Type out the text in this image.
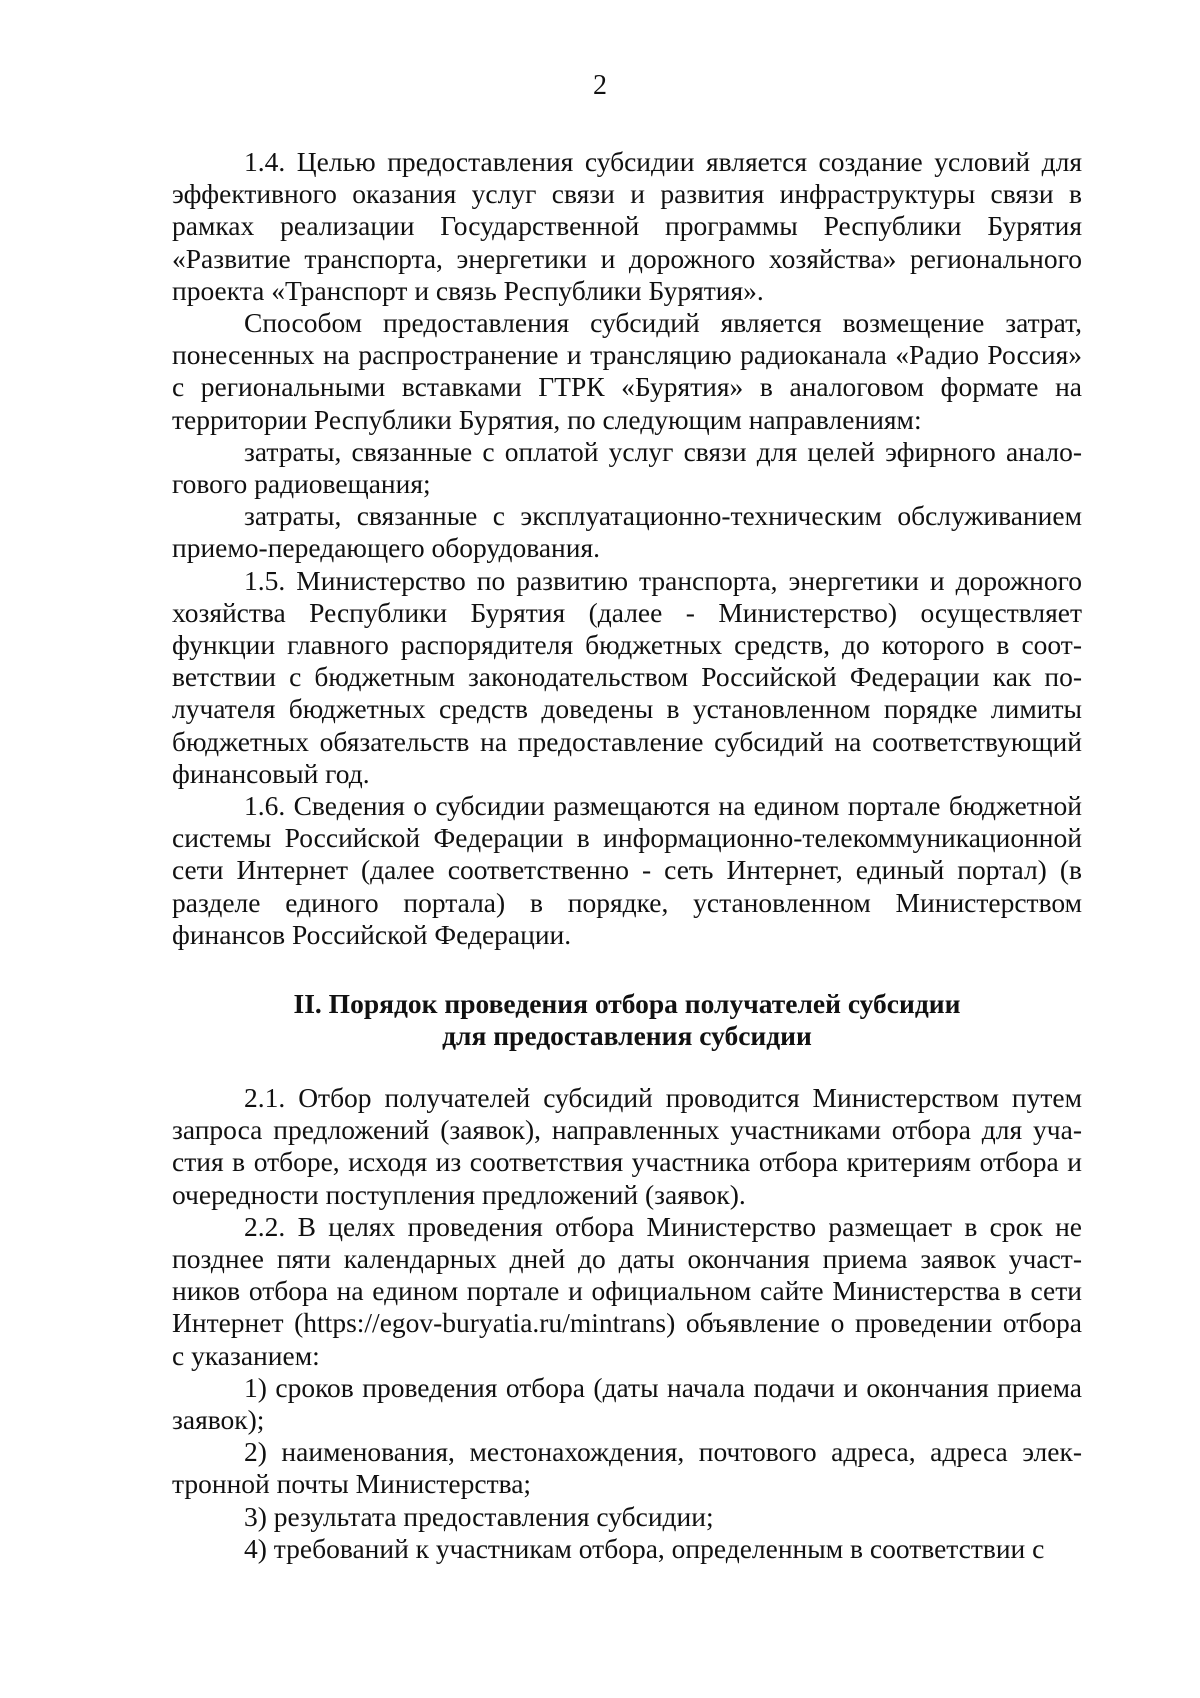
2

1.4. Целью предоставления субсидии является создание условий для эффективного оказания услуг связи и развития инфраструктуры связи в рамках реализации Государственной программы Республики Бурятия «Развитие транспорта, энергетики и дорожного хозяйства» регионального проекта «Транспорт и связь Республики Бурятия».

Способом предоставления субсидий является возмещение затрат, понесенных на распространение и трансляцию радиоканала «Радио Россия» с региональными вставками ГТРК «Бурятия» в аналоговом формате на территории Республики Бурятия, по следующим направлениям:

затраты, связанные с оплатой услуг связи для целей эфирного аналогового радиовещания;

затраты, связанные с эксплуатационно-техническим обслуживанием приемо-передающего оборудования.

1.5. Министерство по развитию транспорта, энергетики и дорожного хозяйства Республики Бурятия (далее - Министерство) осуществляет функции главного распорядителя бюджетных средств, до которого в соответствии с бюджетным законодательством Российской Федерации как получателя бюджетных средств доведены в установленном порядке лимиты бюджетных обязательств на предоставление субсидий на соответствующий финансовый год.

1.6. Сведения о субсидии размещаются на едином портале бюджетной системы Российской Федерации в информационно-телекоммуникационной сети Интернет (далее соответственно - сеть Интернет, единый портал) (в разделе единого портала) в порядке, установленном Министерством финансов Российской Федерации.

II. Порядок проведения отбора получателей субсидии
для предоставления субсидии

2.1. Отбор получателей субсидий проводится Министерством путем запроса предложений (заявок), направленных участниками отбора для участия в отборе, исходя из соответствия участника отбора критериям отбора и очередности поступления предложений (заявок).

2.2. В целях проведения отбора Министерство размещает в срок не позднее пяти календарных дней до даты окончания приема заявок участников отбора на едином портале и официальном сайте Министерства в сети Интернет (https://egov-buryatia.ru/mintrans) объявление о проведении отбора с указанием:

1) сроков проведения отбора (даты начала подачи и окончания приема заявок);

2) наименования, местонахождения, почтового адреса, адреса электронной почты Министерства;

3) результата предоставления субсидии;

4) требований к участникам отбора, определенным в соответствии с
